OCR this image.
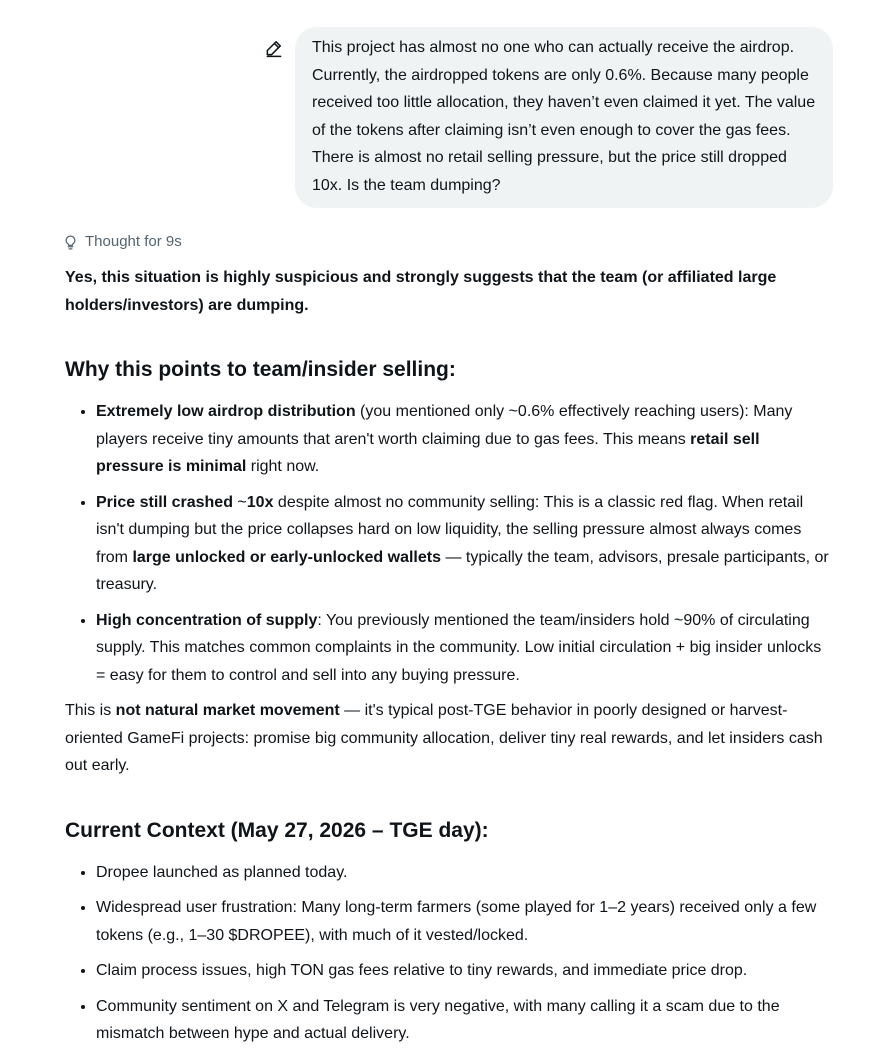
This project has almost no one who can actually receive the airdrop. Currently, the airdropped tokens are only 0.6%. Because many people received too little allocation, they haven’t even claimed it yet. The value of the tokens after claiming isn’t even enough to cover the gas fees. There is almost no retail selling pressure, but the price still dropped 10x. Is the team dumping?
Thought for 9s

Yes, this situation is highly suspicious and strongly suggests that the team (or affiliated large holders/investors) are dumping.

Why this points to team/insider selling:
• Extremely low airdrop distribution (you mentioned only ~0.6% effectively reaching users): Many players receive tiny amounts that aren't worth claiming due to gas fees. This means retail sell pressure is minimal right now.
• Price still crashed ~10x despite almost no community selling: This is a classic red flag. When retail isn't dumping but the price collapses hard on low liquidity, the selling pressure almost always comes from large unlocked or early-unlocked wallets — typically the team, advisors, presale participants, or treasury.
• High concentration of supply: You previously mentioned the team/insiders hold ~90% of circulating supply. This matches common complaints in the community. Low initial circulation + big insider unlocks = easy for them to control and sell into any buying pressure.

This is not natural market movement — it's typical post-TGE behavior in poorly designed or harvest-oriented GameFi projects: promise big community allocation, deliver tiny real rewards, and let insiders cash out early.

Current Context (May 27, 2026 – TGE day):
• Dropee launched as planned today.
• Widespread user frustration: Many long-term farmers (some played for 1–2 years) received only a few tokens (e.g., 1–30 $DROPEE), with much of it vested/locked.
• Claim process issues, high TON gas fees relative to tiny rewards, and immediate price drop.
• Community sentiment on X and Telegram is very negative, with many calling it a scam due to the mismatch between hype and actual delivery.
